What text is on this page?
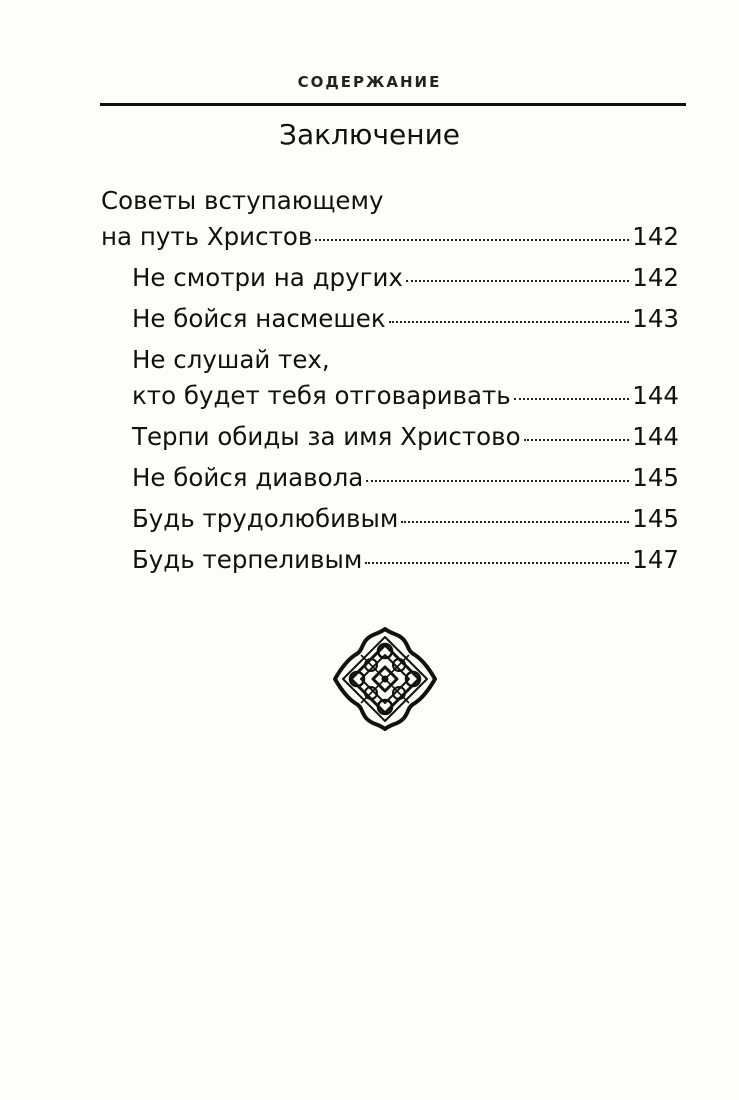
СОДЕРЖАНИЕ
Заключение
Советы вступающему
на путь Христов	142
Не смотри на других	142
Не бойся насмешек	143
Не слушай тех,
кто будет тебя отговаривать	144
Терпи обиды за имя Христово	144
Не бойся диавола	145
Будь трудолюбивым	145
Будь терпеливым	147
